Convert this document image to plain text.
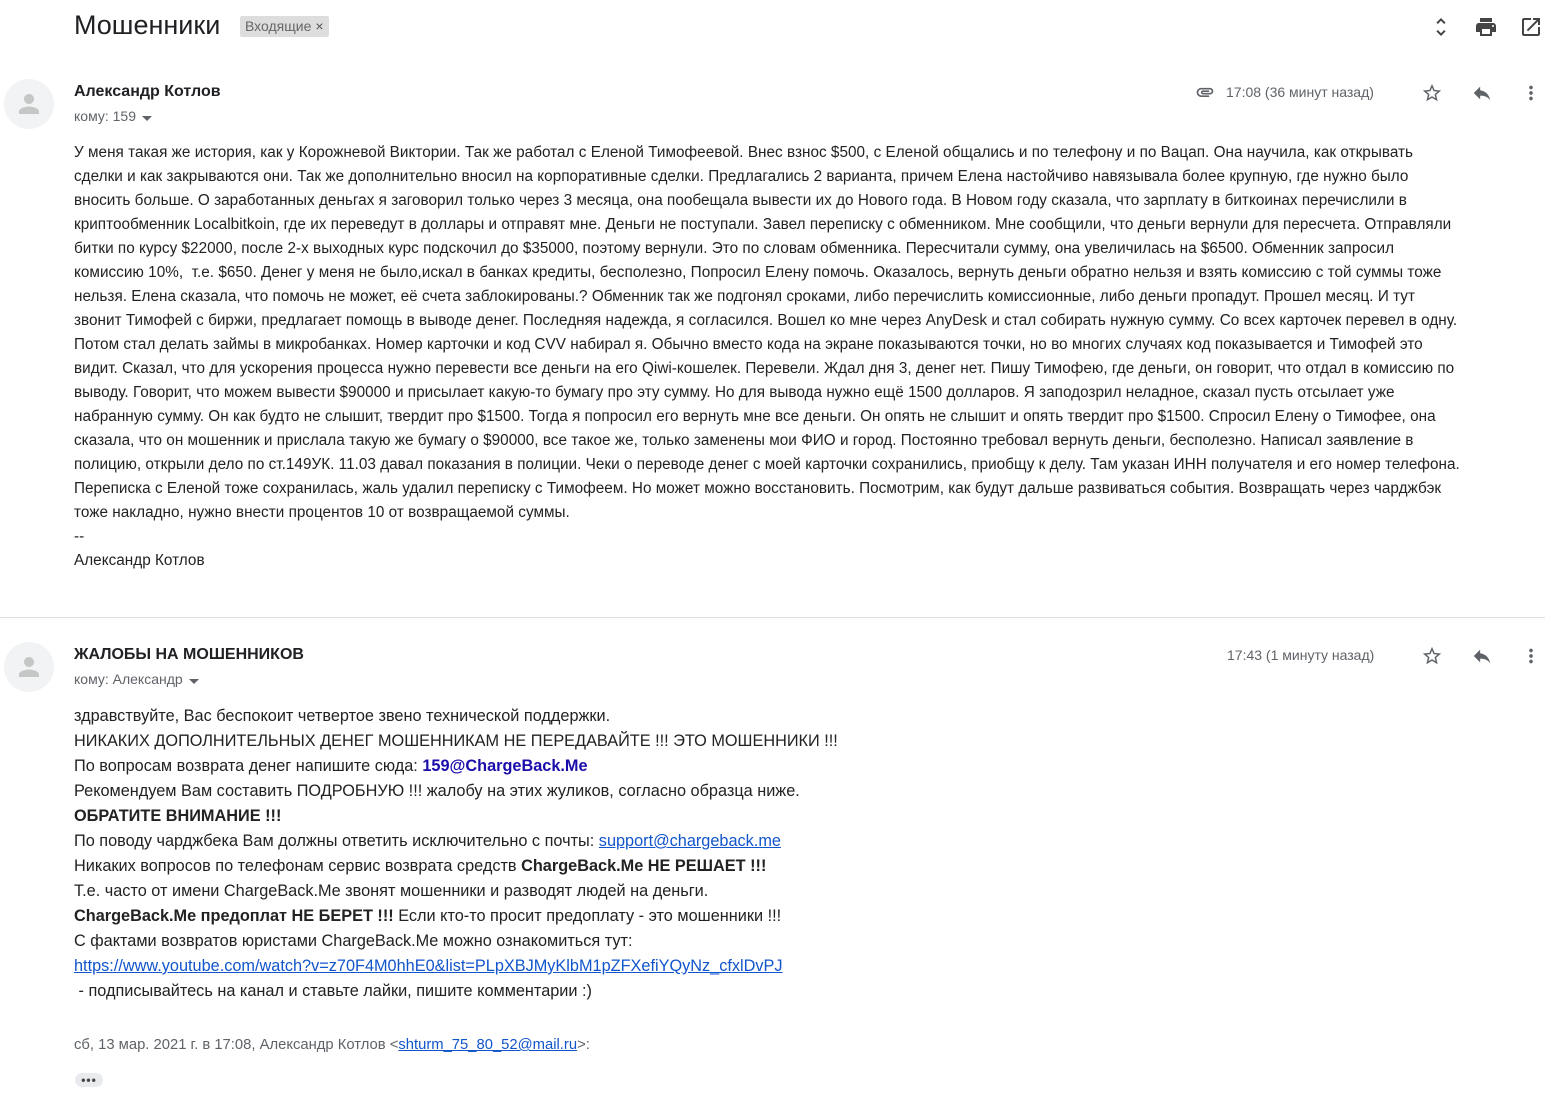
Мошенники	Входящие ×
Александр Котлов
кому: 159
17:08 (36 минут назад)
У меня такая же история, как у Корожневой Виктории. Так же работал с Еленой Тимофеевой. Внес взнос $500, с Еленой общались и по телефону и по Вацап. Она научила, как открывать
сделки и как закрываются они. Так же дополнительно вносил на корпоративные сделки. Предлагались 2 варианта, причем Елена настойчиво навязывала более крупную, где нужно было
вносить больше. О заработанных деньгах я заговорил только через 3 месяца, она пообещала вывести их до Нового года. В Новом году сказала, что зарплату в биткоинах перечислили в
криптообменник Localbitkoin, где их переведут в доллары и отправят мне. Деньги не поступали. Завел переписку с обменником. Мне сообщили, что деньги вернули для пересчета. Отправляли
битки по курсу $22000, после 2-х выходных курс подскочил до $35000, поэтому вернули. Это по словам обменника. Пересчитали сумму, она увеличилась на $6500. Обменник запросил
комиссию 10%,  т.е. $650. Денег у меня не было,искал в банках кредиты, бесполезно, Попросил Елену помочь. Оказалось, вернуть деньги обратно нельзя и взять комиссию с той суммы тоже
нельзя. Елена сказала, что помочь не может, её счета заблокированы.? Обменник так же подгонял сроками, либо перечислить комиссионные, либо деньги пропадут. Прошел месяц. И тут
звонит Тимофей с биржи, предлагает помощь в выводе денег. Последняя надежда, я согласился. Вошел ко мне через AnyDesk и стал собирать нужную сумму. Со всех карточек перевел в одну.
Потом стал делать займы в микробанках. Номер карточки и код CVV набирал я. Обычно вместо кода на экране показываются точки, но во многих случаях код показывается и Тимофей это
видит. Сказал, что для ускорения процесса нужно перевести все деньги на его Qiwi-кошелек. Перевели. Ждал дня 3, денег нет. Пишу Тимофею, где деньги, он говорит, что отдал в комиссию по
выводу. Говорит, что можем вывести $90000 и присылает какую-то бумагу про эту сумму. Но для вывода нужно ещё 1500 долларов. Я заподозрил неладное, сказал пусть отсылает уже
набранную сумму. Он как будто не слышит, твердит про $1500. Тогда я попросил его вернуть мне все деньги. Он опять не слышит и опять твердит про $1500. Спросил Елену о Тимофее, она
сказала, что он мошенник и прислала такую же бумагу о $90000, все такое же, только заменены мои ФИО и город. Постоянно требовал вернуть деньги, бесполезно. Написал заявление в
полицию, открыли дело по ст.149УК. 11.03 давал показания в полиции. Чеки о переводе денег с моей карточки сохранились, приобщу к делу. Там указан ИНН получателя и его номер телефона.
Переписка с Еленой тоже сохранилась, жаль удалил переписку с Тимофеем. Но может можно восстановить. Посмотрим, как будут дальше развиваться события. Возвращать через чарджбэк
тоже накладно, нужно внести процентов 10 от возвращаемой суммы.
--
Александр Котлов
ЖАЛОБЫ НА МОШЕННИКОВ
кому: Александр
17:43 (1 минуту назад)
здравствуйте, Вас беспокоит четвертое звено технической поддержки.
НИКАКИХ ДОПОЛНИТЕЛЬНЫХ ДЕНЕГ МОШЕННИКАМ НЕ ПЕРЕДАВАЙТЕ !!! ЭТО МОШЕННИКИ !!!
По вопросам возврата денег напишите сюда: 159@ChargeBack.Me
Рекомендуем Вам составить ПОДРОБНУЮ !!! жалобу на этих жуликов, согласно образца ниже.
ОБРАТИТЕ ВНИМАНИЕ !!!
По поводу чарджбека Вам должны ответить исключительно с почты: support@chargeback.me
Никаких вопросов по телефонам сервис возврата средств ChargeBack.Me НЕ РЕШАЕТ !!!
Т.е. часто от имени ChargeBack.Me звонят мошенники и разводят людей на деньги.
ChargeBack.Me предоплат НЕ БЕРЕТ !!! Если кто-то просит предоплату - это мошенники !!!
С фактами возвратов юристами ChargeBack.Me можно ознакомиться тут:
https://www.youtube.com/watch?v=z70F4M0hhE0&list=PLpXBJMyKlbM1pZFXefiYQyNz_cfxlDvPJ
- подписывайтесь на канал и ставьте лайки, пишите комментарии :)
сб, 13 мар. 2021 г. в 17:08, Александр Котлов <shturm_75_80_52@mail.ru>:
•••
